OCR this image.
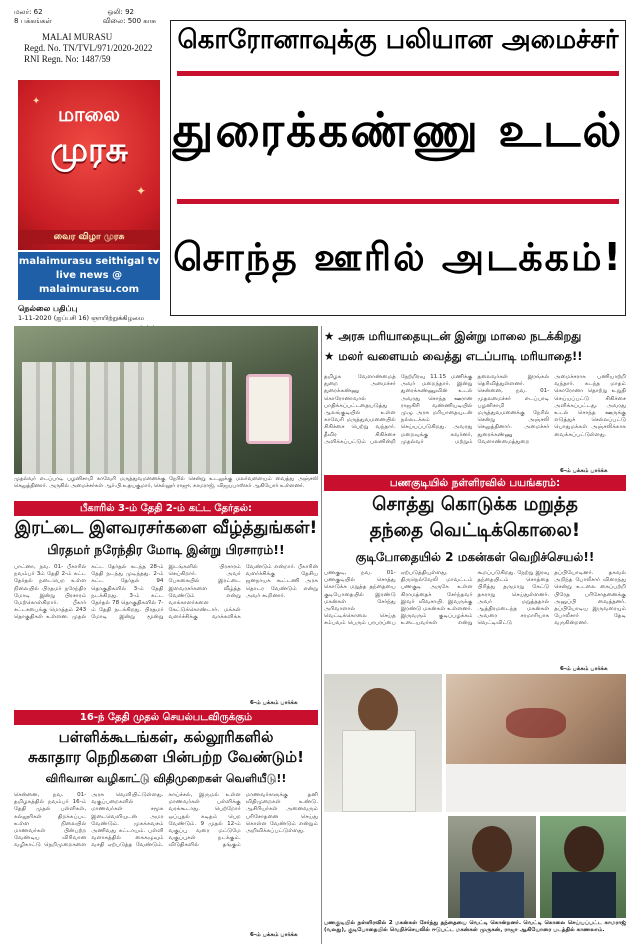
மலர்: 62	ஒலி: 92
8 பக்கங்கள்	விலை: 500 காசு
MALAI MURASU
Regd. No. TN/TVL/971/2020-2022
RNI Regn. No: 1487/59
மாலை
முரசு
வைர விழா முரசு
✦
✦
malaimurasu seithigal tv
live news @
malaimurasu.com
நெல்லை பதிப்பு
1-11-2020 (ஐப்பசி 16) ஞாயிற்றுக்கிழமை
கொரோனாவுக்கு பலியான அமைச்சர்
துரைக்கண்ணு உடல்
சொந்த ஊரில் அடக்கம்!
முதல்வர் எடப்பாடி பழனிசாமி காவேரி மருத்துவமனைக்கு நேரில் சென்று உடலுக்கு மலர்வளையம் வைத்து அஞ்சலி செலுத்தினார். அருகில் அமைச்சர்கள் ஆர்.பி.உதயகுமார், செல்லூர் ராஜு, காமராஜ், விஜயபாஸ்கர் ஆகியோர் உள்ளனர்.
★ அரசு மரியாதையுடன் இன்று மாலை நடக்கிறது
★ மலர் வளையம் வைத்து எடப்பாடி மரியாதை!!
தமிழக வேளாண்மைத் துறை அமைச்சர் துரைக்கண்ணு கொரோனாவால் பாதிக்கப்பட்டதையடுத்து ஆலங்குடியில் உள்ள காவேரி மருத்துவமனையில் சிகிச்சை பெற்று வந்தார். தீவிர சிகிச்சை அளிக்கப்பட்டும் பலனின்றி நேற்றிரவு 11.15 மணிக்கு அவர் மறைந்தார். இன்று துரைக்கண்ணுவின் உடல் அவரது சொந்த ஊரான ராஜகிரி வண்ணியடியில் முழு அரசு மரியாதையுடன் நல்லடக்கம் செய்யப்படுகிறது. அவரது மறைவுக்கு கவர்னர், முதல்வர் மற்றும் தலைவர்கள் இரங்கல் தெரிவித்துள்ளனர். சென்னை, நவ. 01- முதலமைச்சர் எடப்பாடி பழனிசாமி மருத்துவமனைக்கு நேரில் சென்று அஞ்சலி செலுத்தினார். அமைச்சர் துரைக்கண்ணு வேளாண்மைத்துறை அமைச்சராக பணியாற்றி வந்தார். கடந்த மாதம் கொரோனா தொற்று உறுதி செய்யப்பட்டு சிகிச்சை அளிக்கப்பட்டது. அவரது உடல் சொந்த ஊருக்கு எடுத்துச் செல்லப்பட்டு பொதுமக்கள் அஞ்சலிக்காக வைக்கப்பட்டுள்ளது.
6-ம் பக்கம் பார்க்க
பீகாரில் 3-ம் தேதி 2-ம் கட்ட தேர்தல்:
இரட்டை இளவரசர்களை வீழ்த்துங்கள்!
பிரதமர் நரேந்திர மோடி இன்று பிரசாரம்!!
பாட்னா, நவ. 01- பீகாரில் நவம்பர் 3ம் தேதி 2-ம் கட்ட தேர்தல் நடைபெற உள்ள நிலையில் பிரதமர் நரேந்திர மோடி இன்று பிரசாரம் மேற்கொள்கிறார். பீகார் சட்டசபைக்கு மொத்தம் 243 தொகுதிகள் உள்ளன. முதல் கட்ட தேர்தல் கடந்த 28-ம் தேதி நடந்து முடிந்தது. 2-ம் கட்ட தேர்தல் 94 தொகுதிகளில் 3-ம் தேதி நடக்கிறது. 3-ம் கட்ட தேர்தல் 78 தொகுதிகளில் 7-ம் தேதி நடக்கிறது. பிரதமர் மோடி இன்று மூன்று இடங்களில் பிரசாரம் செய்கிறார். அவர் பேசுகையில் இரட்டை இளவரசர்களை வீழ்த்த வேண்டும் என்று வாக்காளர்களை கேட்டுக்கொண்டார். மக்கள் வளர்ச்சிக்கு வாக்களிக்க வேண்டும் என்றார். பீகாரின் வளர்ச்சிக்கு தேசிய ஜனநாயக கூட்டணி அரசு தொடர வேண்டும் என்று அவர் கூறினார்.
6-ம் பக்கம் பார்க்க
16-ந் தேதி முதல் செயல்படவிருக்கும்
பள்ளிக்கூடங்கள், கல்லூரிகளில்
சுகாதார நெறிகளை பின்பற்ற வேண்டும்!
விரிவான வழிகாட்டு விதிமுறைகள் வெளியீடு!!
சென்னை, நவ. 01- தமிழகத்தில் நவம்பர் 16-ம் தேதி முதல் பள்ளிகள், கல்லூரிகள் திறக்கப்பட உள்ள நிலையில் மாணவர்கள் பின்பற்ற வேண்டிய விரிவான வழிகாட்டு நெறிமுறைகளை அரசு வெளியிட்டுள்ளது. வகுப்பறைகளில் மாணவர்கள் சமூக இடைவெளியுடன் அமர வேண்டும். முகக்கவசம் அணிவது கட்டாயம். பள்ளி வளாகத்தில் கைகழுவும் வசதி ஏற்படுத்த வேண்டும். காய்ச்சல், இருமல் உள்ள மாணவர்கள் பள்ளிக்கு வரக்கூடாது. பெற்றோர் ஒப்புதல் கடிதம் பெற வேண்டும். 9 முதல் 12-ம் வகுப்பு வரை மட்டுமே வகுப்புகள் நடக்கும். விடுதிகளில் தங்கும் மாணவர்களுக்கு தனி விதிமுறைகள் உண்டு. ஆசிரியர்கள் அனைவரும் பரிசோதனை செய்து கொள்ள வேண்டும் என்றும் அறிவிக்கப்பட்டுள்ளது.
6-ம் பக்கம் பார்க்க
பணகுடியில் நள்ளிரவில் பயங்கரம்:
சொத்து கொடுக்க மறுத்த
தந்தை வெட்டிக்கொலை!
குடிபோதையில் 2 மகன்கள் வெறிச்செயல்!!
பணகுடி, நவ. 01- பணகுடியில் சொத்து கொடுக்க மறுத்த தந்தையை குடிபோதையில் இரண்டு மகன்கள் சேர்ந்து அரிவாளால் வெட்டிக்கொலை செய்த சம்பவம் பெரும் பரபரப்பை ஏற்படுத்தியுள்ளது. திருநெல்வேலி மாவட்டம் பணகுடி அருகே உள்ள கிராமத்தைச் சேர்ந்தவர் இவர் விவசாயி. இவருக்கு இரண்டு மகன்கள் உள்ளனர். இருவரும் குடிப்பழக்கம் உடையவர்கள் என்று கூறப்படுகிறது. நேற்று இரவு தந்தையிடம் சொத்தை பிரித்து தருமாறு கேட்டு தகராறு செய்துள்ளனர். அவர் மறுத்ததால் ஆத்திரமடைந்த மகன்கள் அவரை சரமாரியாக வெட்டிவிட்டு தப்பியோடினர். தகவல் அறிந்த போலீசார் விரைந்து சென்று உடலை கைப்பற்றி பிரேத பரிசோதனைக்கு அனுப்பி வைத்தனர். தப்பியோடிய இருவரையும் போலீசார் தேடி வருகின்றனர்.
6-ம் பக்கம் பார்க்க
பணகுடியில் நள்ளிரவில் 2 மகன்கள் சேர்ந்து தந்தையை வெட்டி கொன்றனர். வெட்டி கொலை செய்யப்பட்ட காமராஜ் (வலது), குடிபோதையில் வெறிச்செயலில் ஈடுபட்ட மகன்கள் முருகன், ராஜா ஆகியோரை படத்தில் காணலாம்.
